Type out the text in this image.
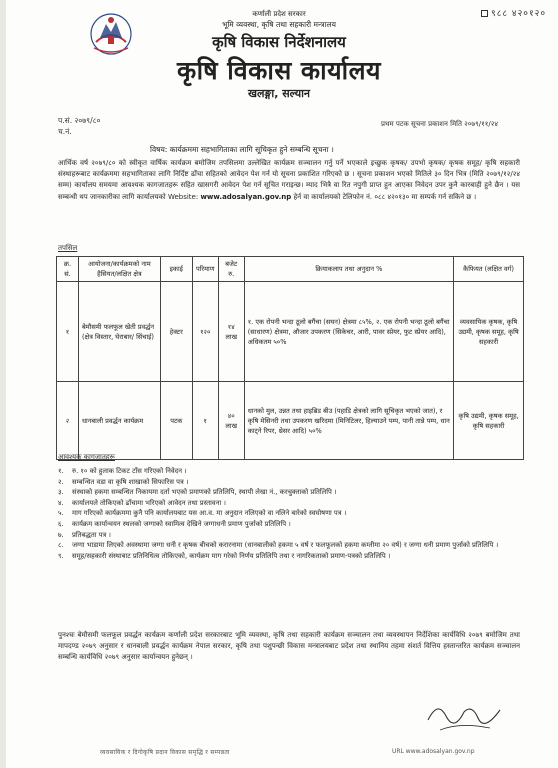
९८८ ४२०१२०
कर्णाली प्रदेश सरकार
भूमि व्यवस्था, कृषि तथा सहकारी मन्त्रालय
कृषि विकास निर्देशनालय
कृषि विकास कार्यालय
खलङ्गा, सल्यान
प.सं. २०७९/८०
च.नं.
प्रथम पटक सूचना प्रकाशन मिति २०७९/११/२४
विषय: कार्यक्रममा सहभागिताका लागि सूचिकृत हुने सम्बन्धि सूचना ।
आर्थिक वर्ष २०७९/८० को स्वीकृत वार्षिक कार्यक्रम बमोजिम तपसिलमा उल्लेखित कार्यक्रम सञ्चालन गर्नु पर्ने भएकाले इच्छुक कृषक/ उपभो कृषक/ कृषक समूह/ कृषि सहकारी संस्थाहरूबाट कार्यक्रममा सहभागिताका लागि निर्दिष्ट ढाँचा सहितको आवेदन पेश गर्न यो सूचना प्रकाशित गरिएको छ । सूचना प्रकाशन भएको मितिले ३० दिन भित्र (मिति २०७९/१२/२४ सम्म) कार्यालय समयमा आवश्यक कागजातहरू सहित खासगरी आवेदन पेश गर्न सूचित गराइन्छ। म्याद भित्रै वा रित नपुगी प्राप्त हुन आएका निवेदन उपर कुनै कारबाही हुने छैन । यस सम्बन्धी थप जानकारीका लागि कार्यालयको Website: www.adosalyan.gov.np हेर्न वा कार्यालयको टेलिफोन नं. ०८८ ४२०१३० मा सम्पर्क गर्न सकिने छ ।
तपसिल
क्र. सं.	आयोजना/कार्यक्रमको नाम हैसियत/लक्षित क्षेत्र	इकाई	परिमाण	बजेट रु.	क्रियाकलाप तथा अनुदान %	कैफियत (लक्षित वर्ग)
१	बेमौसमी फलफूल खेती प्रवर्द्धन (क्षेत्र विस्तार, घेराबार/ सिंचाई)	हेक्टर	१२०	१४ लाख	१. एक रोपनी भन्दा ठूलो बगैंचा (सघन) क्षेत्रमा ८५%, २. एक रोपनी भन्दा ठूलो बगैंचा (साधारण) क्षेत्रमा, औजार उपकरण (सिकेचर, आरी, पावर स्प्रेयर, फुट स्प्रेयर आदि), अधिकतम ५०%	व्यवसायिक कृषक, कृषि उद्यमी, कृषक समूह, कृषि सहकारी
२	धानबाली प्रवर्द्धन कार्यक्रम	पटक	१	४० लाख	धानको मुल, उन्नत तथा हाइब्रिड बीउ (पहाडि क्षेत्रको लागि सूचिकृत भएको जात), र कृषि मेसिनरी तथा उपकरण खरिदमा (मिनिटिलर, हिल्याउने पम्प, पानी तान्ने पम्प, धान काट्ने रिपर, थ्रेसर आदि) ५०%	कृषि उद्यमी, कृषक समूह, कृषि सहकारी
आवश्यक कागजातहरू
१.	रु. १० को हुलाक टिकट टाँस गरिएको निवेदन ।
२.	सम्बन्धित वडा वा कृषि शाखाको सिफारिस पत्र ।
३.	संस्थाको हकमा सम्बन्धित निकायमा दर्ता भएको प्रमाणको प्रतिलिपि, स्थायी लेखा नं., करचुक्ताको प्रतिलिपि ।
४.	कार्यालयले तोकिएको ढाँचामा भरिएको आवेदन तथा प्रस्तावना ।
५.	माग गरिएको कार्यक्रममा कुनै पनि कार्यालयबाट यस आ.व. मा अनुदान नलिएको वा नलिने बारेको स्वघोषणा पत्र ।
६.	कार्यक्रम कार्यान्वयन स्थलको जग्गाको स्वामित्व देखिने जग्गाधनी प्रमाण पुर्जाको प्रतिलिपि ।
७.	प्रतिबद्धता पत्र ।
८.	जग्गा भाडामा लिएको अवस्थामा जग्गा धनी र कृषक बीचको करारनामा (धानबालीको हकमा ५ वर्ष र फलफूलको हकमा कम्तीमा २० वर्ष) र जग्गा धनी प्रमाण पुर्जाको प्रतिलिपि ।
९.	समूह/सहकारी संस्थाबाट प्रतिनिधित्व तोकिएको, कार्यक्रम माग गरेको निर्णय प्रतिलिपि तथा र नागरिकताको प्रमाण-पत्रको प्रतिलिपि ।
पुनश्चः बेमौसमी फलफूल प्रवर्द्धन कार्यक्रम कर्णाली प्रदेश सरकारबाट भूमि व्यवस्था, कृषि तथा सहकारी कार्यक्रम सञ्चालन तथा व्यवस्थापन निर्देशिका कार्यविधि २०७९ बमोजिम तथा मापदण्ड २०७९ अनुसार र धानबाली प्रवर्द्धन कार्यक्रम नेपाल सरकार, कृषि तथा पशुपन्छी विकास मन्त्रालयबाट प्रदेश तथा स्थानिय तहमा संशर्त वित्तिय हस्तान्तरित कार्यक्रम सञ्चालन सम्बन्धि कार्यविधि २०७९ अनुसार कार्यान्वयन हुनेछन् ।
व्यवसायिक र दिगोकृषि प्रदान विकास समृद्धि र सम्पन्नता	URL www.adosalyan.gov.np
